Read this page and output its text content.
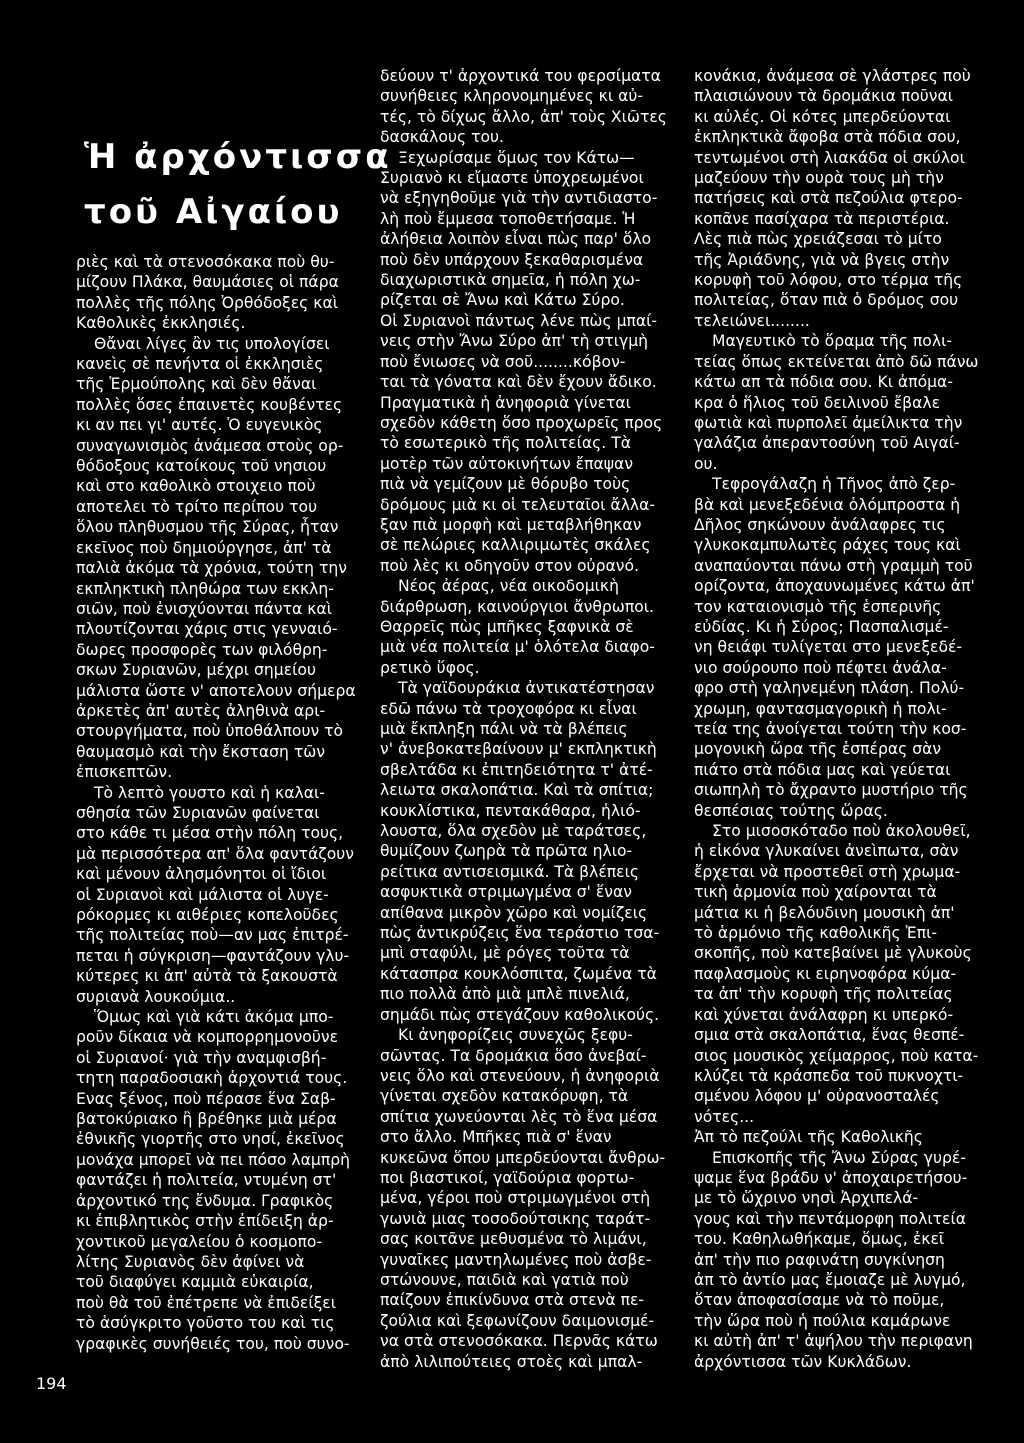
Ἡ ἀρχόντισσα
τοῦ Αἰγαίου
ριὲς καὶ τὰ στενοσόκακα ποὺ θυ-
μίζουν Πλάκα, θαυμάσιες οἱ πάρα
πολλὲς τῆς πόλης Ὀρθόδοξες καὶ
Καθολικὲς ἐκκλησιές.
Θἄναι λίγες ἂν τις υπολογίσει
κανεὶς σὲ πενήντα οἱ ἐκκλησιὲς
τῆς Ἑρμούπολης καὶ δὲν θἄναι
πολλὲς ὅσες ἐπαινετὲς κουβέντες
κι αν πει γι' αυτές. Ὁ ευγενικὸς
συναγωνισμὸς ἀνάμεσα στοὺς ορ-
θόδοξους κατοίκους τοῦ νησιου
καὶ στο καθολικὸ στοιχειο ποὺ
αποτελει τὸ τρίτο περίπου του
ὅλου πληθυσμου τῆς Σύρας, ἦταν
εκεῖνος ποὺ δημιούργησε, ἀπ' τὰ
παλιὰ ἀκόμα τὰ χρόνια, τούτη την
εκπληκτικὴ πληθώρα των εκκλη-
σιῶν, ποὺ ἐνισχύονται πάντα καὶ
πλουτίζονται χάρις στις γενναιό-
δωρες προσφορὲς των φιλόθρη-
σκων Συριανῶν, μέχρι σημείου
μάλιστα ὥστε ν' αποτελουν σήμερα
ἀρκετὲς ἀπ' αυτὲς ἀληθινὰ αρι-
στουργήματα, ποὺ ὑποθάλπουν τὸ
θαυμασμὸ καὶ τὴν ἔκσταση τῶν
ἐπισκεπτῶν.
Τὸ λεπτὸ γουστο καὶ ἡ καλαι-
σθησία τῶν Συριανῶν φαίνεται
στο κάθε τι μέσα στὴν πόλη τους,
μὰ περισσότερα απ' ὅλα φαντάζουν
καὶ μένουν ἀλησμόνητοι οἱ ἴδιοι
οἱ Συριανοὶ καὶ μάλιστα οἱ λυγε-
ρόκορμες κι αιθέριες κοπελοῦδες
τῆς πολιτείας ποὺ—αν μας ἐπιτρέ-
πεται ἡ σύγκριση—φαντάζουν γλυ-
κύτερες κι ἀπ' αὐτὰ τὰ ξακουστὰ
συριανὰ λουκούμια..
Ὅμως καὶ γιὰ κάτι ἀκόμα μπο-
ροῦν δίκαια νὰ κομπορρημονοῦνε
οἱ Συριανοί· γιὰ τὴν αναμφισβή-
τητη παραδοσιακὴ ἀρχοντιά τους.
Ενας ξένος, ποὺ πέρασε ἕνα Σαβ-
βατοκύριακο ἢ βρέθηκε μιὰ μέρα
ἐθνικῆς γιορτῆς στο νησί, ἐκεῖνος
μονάχα μπορεῖ νὰ πει πόσο λαμπρὴ
φαντάζει ἡ πολιτεία, ντυμένη στ'
ἀρχοντικό της ἔνδυμα. Γραφικὸς
κι ἐπιβλητικὸς στὴν ἐπίδειξη ἀρ-
χοντικοῦ μεγαλείου ὁ κοσμοπο-
λίτης Συριανὸς δὲν ἀφίνει νὰ
τοῦ διαφύγει καμμιὰ εὐκαιρία,
ποὺ θὰ τοῦ ἐπέτρεπε νὰ ἐπιδείξει
τὸ ἀσύγκριτο γοῦστο του καὶ τις
γραφικὲς συνήθειές του, ποὺ συνο-
δεύουν τ' ἀρχοντικά του φερσίματα
συνήθειες κληρονομημένες κι αὐ-
τές, τὸ δίχως ἄλλο, ἀπ' τοὺς Χιῶτες
δασκάλους του.
Ξεχωρίσαμε ὅμως τον Κάτω—
Συριανὸ κι εἴμαστε ὑποχρεωμένοι
νὰ εξηγηθοῦμε γιὰ τὴν αντιδιαστο-
λὴ ποὺ ἔμμεσα τοποθετήσαμε. Ἡ
ἀλήθεια λοιπὸν εἶναι πὼς παρ' ὅλο
ποὺ δὲν υπάρχουν ξεκαθαρισμένα
διαχωριστικὰ σημεῖα, ἡ πόλη χω-
ρίζεται σὲ Ἄνω καὶ Κάτω Σύρο.
Οἱ Συριανοὶ πάντως λένε πὼς μπαί-
νεις στὴν Ἄνω Σύρο ἀπ' τὴ στιγμὴ
ποὺ ἔνιωσες νὰ σοῦ........κόβον-
ται τὰ γόνατα καὶ δὲν ἔχουν ἄδικο.
Πραγματικὰ ἡ ἀνηφοριὰ γίνεται
σχεδὸν κάθετη ὅσο προχωρεῖς προς
τὸ εσωτερικὸ τῆς πολιτείας. Τὰ
μοτὲρ τῶν αὐτοκινήτων ἔπαψαν
πιὰ νὰ γεμίζουν μὲ θόρυβο τοὺς
δρόμους μιὰ κι οἱ τελευταῖοι ἄλλα-
ξαν πιὰ μορφὴ καὶ μεταβλήθηκαν
σὲ πελώριες καλλιριμωτὲς σκάλες
ποὺ λὲς κι οδηγοῦν στον οὐρανό.
Νέος ἀέρας, νέα οικοδομικὴ
διάρθρωση, καινούργιοι ἄνθρωποι.
Θαρρεῖς πὼς μπῆκες ξαφνικὰ σὲ
μιὰ νέα πολιτεία μ' ὁλότελα διαφο-
ρετικὸ ὕφος.
Τὰ γαϊδουράκια ἀντικατέστησαν
εδῶ πάνω τὰ τροχοφόρα κι εἶναι
μιὰ ἔκπληξη πάλι νὰ τὰ βλέπεις
ν' ἀνεβοκατεβαίνουν μ' εκπληκτικὴ
σβελτάδα κι ἐπιτηδειότητα τ' ἀτέ-
λειωτα σκαλοπάτια. Καὶ τὰ σπίτια;
κουκλίστικα, πεντακάθαρα, ἡλιό-
λουστα, ὅλα σχεδὸν μὲ ταράτσες,
θυμίζουν ζωηρὰ τὰ πρῶτα ηλιο-
ρείτικα αντισεισμικά. Τὰ βλέπεις
ασφυκτικὰ στριμωγμένα σ' ἕναν
απίθανα μικρὸν χῶρο καὶ νομίζεις
πὼς ἀντικρύζεις ἕνα τεράστιο τσα-
μπὶ σταφύλι, μὲ ρόγες τοῦτα τὰ
κάτασπρα κουκλόσπιτα, ζωμένα τὰ
πιο πολλὰ ἀπὸ μιὰ μπλὲ πινελιά,
σημάδι πὼς στεγάζουν καθολικούς.
Κι ἀνηφορίζεις συνεχῶς ξεφυ-
σῶντας. Τα δρομάκια ὅσο ἀνεβαί-
νεις ὅλο καὶ στενεύουν, ἡ ἀνηφοριὰ
γίνεται σχεδὸν κατακόρυφη, τὰ
σπίτια χωνεύονται λὲς τὸ ἕνα μέσα
στο ἄλλο. Μπῆκες πιὰ σ' ἕναν
κυκεῶνα ὅπου μπερδεύονται ἄνθρω-
ποι βιαστικοί, γαϊδούρια φορτω-
μένα, γέροι ποὺ στριμωγμένοι στὴ
γωνιὰ μιας τοσοδούτσικης ταράτ-
σας κοιτᾶνε μεθυσμένα τὸ λιμάνι,
γυναῖκες μαντηλωμένες ποὺ ἀσβε-
στώνουνε, παιδιὰ καὶ γατιὰ ποὺ
παίζουν ἐπικίνδυνα στὰ στενὰ πε-
ζούλια καὶ ξεφωνίζουν δαιμονισμέ-
να στὰ στενοσόκακα. Περνᾶς κάτω
ἀπὸ λιλιπούτειες στοὲς καὶ μπαλ-
κονάκια, ἀνάμεσα σὲ γλάστρες ποὺ
πλαισιώνουν τὰ δρομάκια ποῦναι
κι αὐλές. Οἱ κότες μπερδεύονται
ἐκπληκτικὰ ἄφοβα στὰ πόδια σου,
τεντωμένοι στὴ λιακάδα οἱ σκύλοι
μαζεύουν τὴν ουρὰ τους μὴ τὴν
πατήσεις καὶ στὰ πεζούλια φτερο-
κοπᾶνε πασίχαρα τὰ περιστέρια.
Λὲς πιὰ πὼς χρειάζεσαι τὸ μίτο
τῆς Ἀριάδνης, γιὰ νὰ βγεις στὴν
κορυφὴ τοῦ λόφου, στο τέρμα τῆς
πολιτείας, ὅταν πιὰ ὁ δρόμος σου
τελειώνει........
Μαγευτικὸ τὸ ὅραμα τῆς πολι-
τείας ὅπως εκτείνεται ἀπὸ δῶ πάνω
κάτω απ τὰ πόδια σου. Κι ἀπόμα-
κρα ὁ ἥλιος τοῦ δειλινοῦ ἔβαλε
φωτιὰ καὶ πυρπολεῖ ἀμείλικτα τὴν
γαλάζια ἀπεραντοσύνη τοῦ Αιγαί-
ου.
Τεφρογάλαζη ἡ Τῆνος ἀπὸ ζερ-
βὰ καὶ μενεξεδένια ὁλόμπροστα ἡ
Δῆλος σηκώνουν ἀνάλαφρες τις
γλυκοκαμπυλωτὲς ράχες τους καὶ
αναπαύονται πάνω στὴ γραμμὴ τοῦ
ορίζοντα, ἀποχαυνωμένες κάτω ἀπ'
τον καταιονισμὸ τῆς ἑσπερινῆς
εὐδίας. Κι ἡ Σύρος; Πασπαλισμέ-
νη θειάφι τυλίγεται στο μενεξεδέ-
νιο σούρουπο ποὺ πέφτει ἀνάλα-
φρο στὴ γαληνεμένη πλάση. Πολύ-
χρωμη, φαντασμαγορικὴ ἡ πολι-
τεία της ἀνοίγεται τούτη τὴν κοσ-
μογονικὴ ὥρα τῆς ἑσπέρας σὰν
πιάτο στὰ πόδια μας καὶ γεύεται
σιωπηλὴ τὸ ἄχραντο μυστήριο τῆς
θεσπέσιας τούτης ὥρας.
Στο μισοσκόταδο ποὺ ἀκολουθεῖ,
ἡ εἰκόνα γλυκαίνει ἀνεὶπωτα, σὰν
ἔρχεται νὰ προστεθεῖ στὴ χρωμα-
τικὴ ἁρμονία ποὺ χαίρονται τὰ
μάτια κι ἡ βελόυδινη μουσικὴ ἀπ'
τὸ ἁρμόνιο τῆς καθολικῆς Ἐπι-
σκοπῆς, ποὺ κατεβαίνει μὲ γλυκοὺς
παφλασμοὺς κι ειρηνοφόρα κύμα-
τα ἀπ' τὴν κορυφὴ τῆς πολιτείας
καὶ χύνεται ἀνάλαφρη κι υπερκό-
σμια στὰ σκαλοπάτια, ἕνας θεσπέ-
σιος μουσικὸς χείμαρρος, ποὺ κατα-
κλύζει τὰ κράσπεδα τοῦ πυκνοχτι-
σμένου λόφου μ' οὐρανοσταλές
νότες...
Ἀπ τὸ πεζούλι τῆς Καθολικῆς
Επισκοπῆς τῆς Ἄνω Σύρας γυρέ-
ψαμε ἕνα βράδυ ν' ἀποχαιρετήσου-
με τὸ ὥχρινο νησὶ Ἀρχιπελά-
γους καὶ τὴν πεντάμορφη πολιτεία
του. Καθηλωθήκαμε, ὅμως, ἐκεῖ
ἀπ' τὴν πιο ραφινάτη συγκίνηση
ἀπ τὸ ἀντίο μας ἔμοιαζε μὲ λυγμό,
ὅταν ἀποφασίσαμε νὰ τὸ ποῦμε,
τὴν ὥρα ποὺ ἡ πούλια καμάρωνε
κι αὐτὴ ἀπ' τ' ἀψήλου τὴν περιφανη
ἀρχόντισσα τῶν Κυκλάδων.
194
